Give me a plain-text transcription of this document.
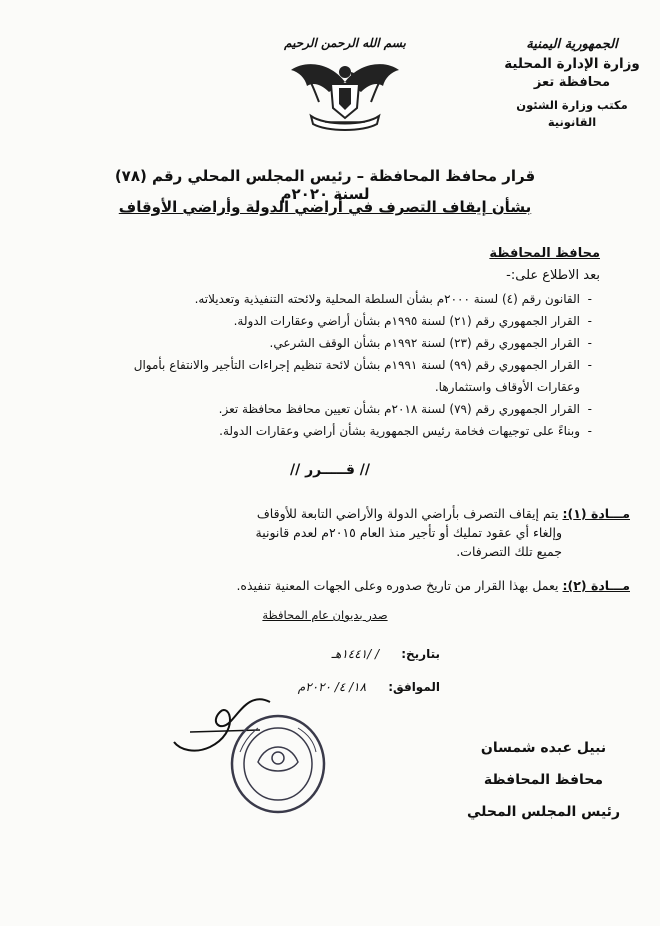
الجمهورية اليمنية
وزارة الإدارة المحلية
محافظة تعز
مكتب وزارة الشئون القانونية
بسم الله الرحمن الرحيم
قرار محافظ المحافظة – رئيس المجلس المحلي رقم (٧٨) لسنة ٢٠٢٠م
بشأن إيقاف التصرف في أراضي الدولة وأراضي الأوقاف
محافظ المحافظة
بعد الاطلاع على:-
- القانون رقم (٤) لسنة ٢٠٠٠م بشأن السلطة المحلية ولائحته التنفيذية وتعديلاته.
- القرار الجمهوري رقم (٢١) لسنة ١٩٩٥م بشأن أراضي وعقارات الدولة.
- القرار الجمهوري رقم (٢٣) لسنة ١٩٩٢م بشأن الوقف الشرعي.
- القرار الجمهوري رقم (٩٩) لسنة ١٩٩١م بشأن لائحة تنظيم إجراءات التأجير والانتفاع بأموال
وعقارات الأوقاف واستثمارها.
- القرار الجمهوري رقم (٧٩) لسنة ٢٠١٨م بشأن تعيين محافظ محافظة تعز.
- وبناءً على توجيهات فخامة رئيس الجمهورية بشأن أراضي وعقارات الدولة.
// قـــــرر //
مـــادة (١): يتم إيقاف التصرف بأراضي الدولة والأراضي التابعة للأوقاف
وإلغاء أي عقود تمليك أو تأجير منذ العام ٢٠١٥م لعدم قانونية
جميع تلك التصرفات.
مـــادة (٢): يعمل بهذا القرار من تاريخ صدوره وعلى الجهات المعنية تنفيذه.
صدر بديوان عام المحافظة
بتاريخ: / /١٤٤١هـ
الموافق: ١٨/ ٤/ ٢٠٢٠م
نبيل عبده شمسان
محافظ المحافظة
رئيس المجلس المحلي
